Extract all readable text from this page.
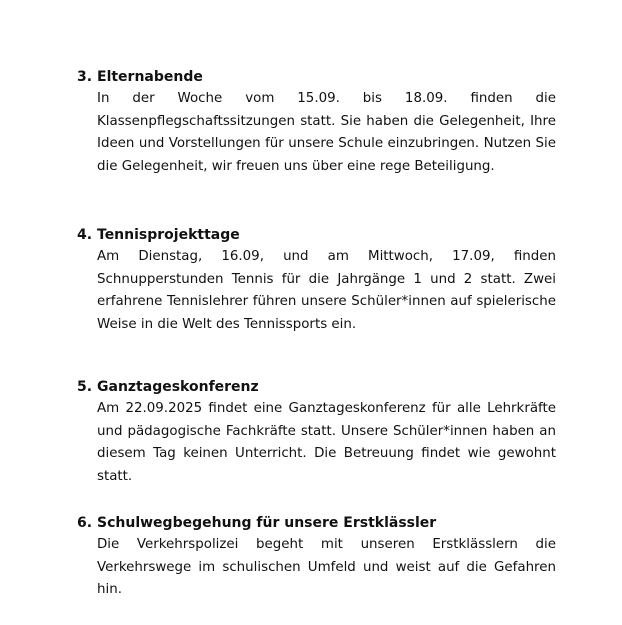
3. Elternabende
In der Woche vom 15.09. bis 18.09. finden die Klassenpflegschaftssitzungen statt. Sie haben die Gelegenheit, Ihre Ideen und Vorstellungen für unsere Schule einzubringen. Nutzen Sie die Gelegenheit, wir freuen uns über eine rege Beteiligung.
4. Tennisprojekttage
Am Dienstag, 16.09, und am Mittwoch, 17.09, finden Schnupperstunden Tennis für die Jahrgänge 1 und 2 statt. Zwei erfahrene Tennislehrer führen unsere Schüler*innen auf spielerische Weise in die Welt des Tennissports ein.
5. Ganztageskonferenz
Am 22.09.2025 findet eine Ganztageskonferenz für alle Lehrkräfte und pädagogische Fachkräfte statt. Unsere Schüler*innen haben an diesem Tag keinen Unterricht. Die Betreuung findet wie gewohnt statt.
6. Schulwegbegehung für unsere Erstklässler
Die Verkehrspolizei begeht mit unseren Erstklässlern die Verkehrswege im schulischen Umfeld und weist auf die Gefahren hin.
